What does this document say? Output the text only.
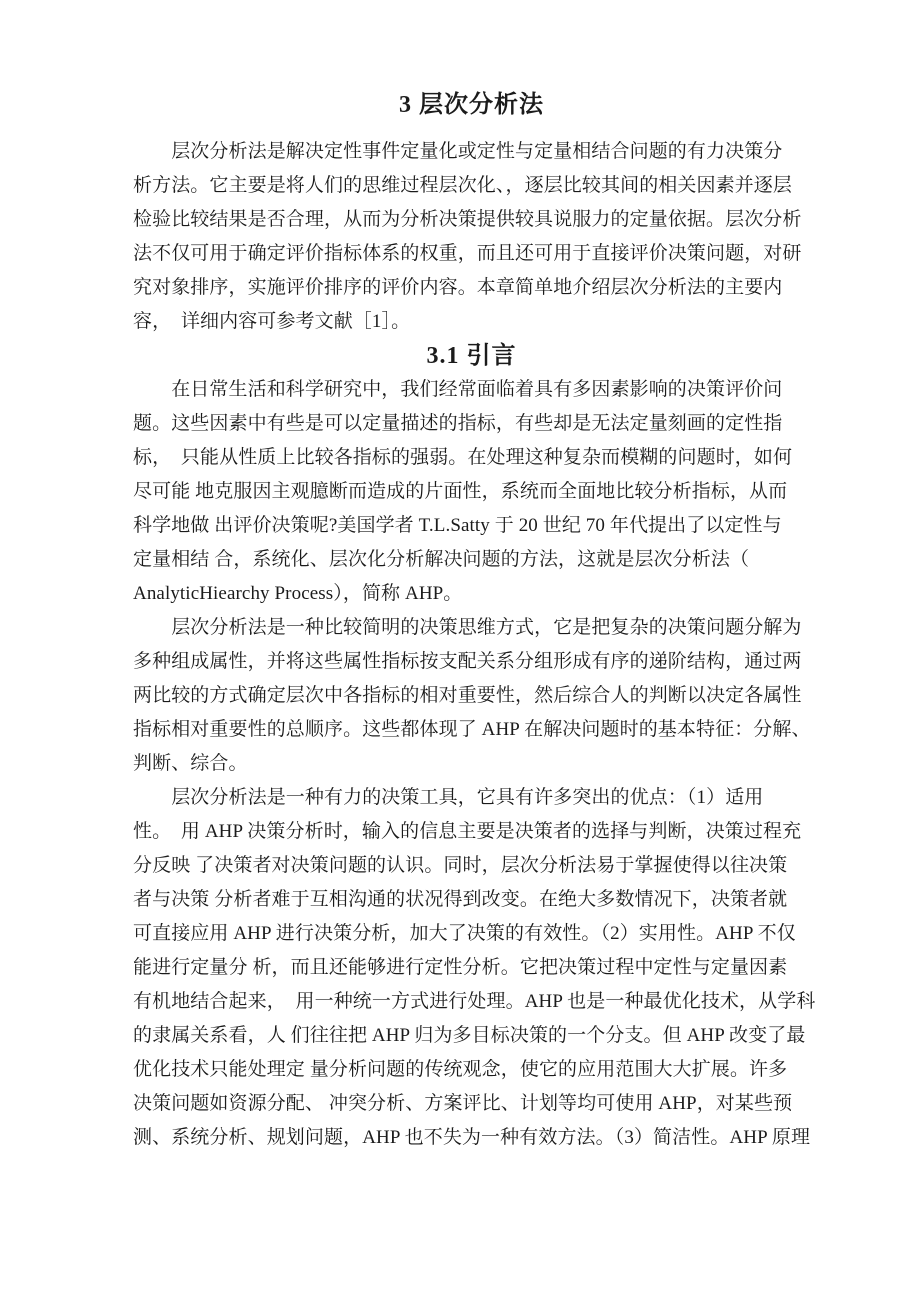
3 层次分析法

　　层次分析法是解决定性事件定量化或定性与定量相结合问题的有力决策分
析方法。它主要是将人们的思维过程层次化、，逐层比较其间的相关因素并逐层
检验比较结果是否合理，从而为分析决策提供较具说服力的定量依据。层次分析
法不仅可用于确定评价指标体系的权重，而且还可用于直接评价决策问题，对研
究对象排序，实施评价排序的评价内容。本章简单地介绍层次分析法的主要内
容，  详细内容可参考文献［1］。

3.1 引言

　　在日常生活和科学研究中，我们经常面临着具有多因素影响的决策评价问
题。这些因素中有些是可以定量描述的指标，有些却是无法定量刻画的定性指
标，  只能从性质上比较各指标的强弱。在处理这种复杂而模糊的问题时，如何
尽可能 地克服因主观臆断而造成的片面性，系统而全面地比较分析指标，从而
科学地做 出评价决策呢?美国学者 T.L.Satty 于 20 世纪 70 年代提出了以定性与
定量相结 合，系统化、层次化分析解决问题的方法，这就是层次分析法（
AnalyticHiearchy Process），简称 AHP。

　　层次分析法是一种比较简明的决策思维方式，它是把复杂的决策问题分解为
多种组成属性，并将这些属性指标按支配关系分组形成有序的递阶结构，通过两
两比较的方式确定层次中各指标的相对重要性，然后综合人的判断以决定各属性
指标相对重要性的总顺序。这些都体现了 AHP 在解决问题时的基本特征：分解、
判断、综合。

　　层次分析法是一种有力的决策工具，它具有许多突出的优点：（1）适用
性。  用 AHP 决策分析时，输入的信息主要是决策者的选择与判断，决策过程充
分反映 了决策者对决策问题的认识。同时，层次分析法易于掌握使得以往决策
者与决策 分析者难于互相沟通的状况得到改变。在绝大多数情况下，决策者就
可直接应用 AHP 进行决策分析，加大了决策的有效性。（2）实用性。AHP 不仅
能进行定量分 析，而且还能够进行定性分析。它把决策过程中定性与定量因素
有机地结合起来，  用一种统一方式进行处理。AHP 也是一种最优化技术，从学科
的隶属关系看，人 们往往把 AHP 归为多目标决策的一个分支。但 AHP 改变了最
优化技术只能处理定 量分析问题的传统观念，使它的应用范围大大扩展。许多
决策问题如资源分配、 冲突分析、方案评比、计划等均可使用 AHP，对某些预
测、系统分析、规划问题，AHP 也不失为一种有效方法。（3）简洁性。AHP 原理
